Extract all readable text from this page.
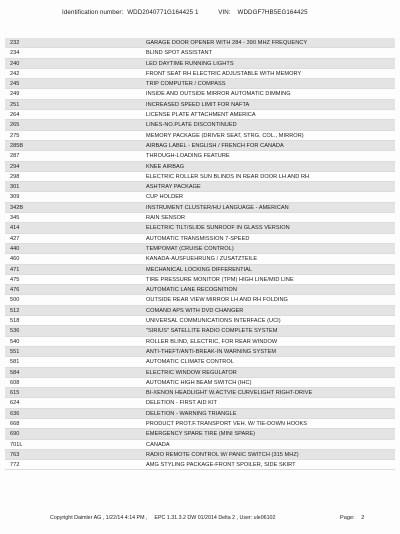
Identification number: WDD2040771G164425 1	VIN: WDDGF7HB5EG164425
232	GARAGE DOOR OPENER WITH 284 - 390 MHZ FREQUENCY
234	BLIND SPOT ASSISTANT
240	LED DAYTIME RUNNING LIGHTS
242	FRONT SEAT RH ELECTRIC ADJUSTABLE WITH MEMORY
245	TRIP COMPUTER / COMPASS
249	INSIDE AND OUTSIDE MIRROR AUTOMATIC DIMMING
251	INCREASED SPEED LIMIT FOR NAFTA
264	LICENSE PLATE ATTACHMENT AMERICA
265	LINES-NO.PLATE DISCONTINUED
275	MEMORY PACKAGE (DRIVER SEAT, STRG. COL., MIRROR)
285B	AIRBAG LABEL - ENGLISH / FRENCH FOR CANADA
287	THROUGH-LOADING FEATURE
294	KNEE AIRBAG
298	ELECTRIC ROLLER SUN BLINDS IN REAR DOOR LH AND RH
301	ASHTRAY PACKAGE
309	CUP HOLDER
342B	INSTRUMENT CLUSTER/HU LANGUAGE - AMERICAN
345	RAIN SENSOR
414	ELECTRIC TILT/SLIDE SUNROOF IN GLASS VERSION
427	AUTOMATIC TRANSMISSION 7-SPEED
440	TEMPOMAT (CRUISE CONTROL)
460	KANADA-AUSFUEHRUNG / ZUSATZTEILE
471	MECHANICAL LOCKING DIFFERENTIAL
475	TIRE PRESSURE MONITOR (TPM) HIGH LINE/MID LINE
476	AUTOMATIC LANE RECOGNITION
500	OUTSIDE REAR VIEW MIRROR LH AND RH FOLDING
512	COMAND APS WITH DVD CHANGER
518	UNIVERSAL COMMUNICATIONS INTERFACE (UCI)
536	"SIRIUS" SATELLITE RADIO COMPLETE SYSTEM
540	ROLLER BLIND, ELECTRIC, FOR REAR WINDOW
551	ANTI-THEFT/ANTI-BREAK-IN WARNING SYSTEM
581	AUTOMATIC CLIMATE CONTROL
584	ELECTRIC WINDOW REGULATOR
608	AUTOMATIC HIGH BEAM SWITCH (IHC)
615	BI-XENON HEADLIGHT W.ACTVIE CURVELIGHT RIGHT-DRIVE
624	DELETION - FIRST AID KIT
636	DELETION - WARNING TRIANGLE
668	PRODUCT PROT.F.TRANSPORT VEH. W/ TIE-DOWN HOOKS
690	EMERGENCY SPARE TIRE (MINI SPARE)
701L	CANADA
763	RADIO REMOTE CONTROL W/ PANIC SWITCH (315 MHZ)
772	AMG STYLING PACKAGE-FRONT SPOILER, SIDE SKIRT
Copyright Daimler AG , 1/22/14 4:14 PM , EPC 1.31.3.2 DW 01/2014 Delta 2 , User: ule06102	Page: 2
